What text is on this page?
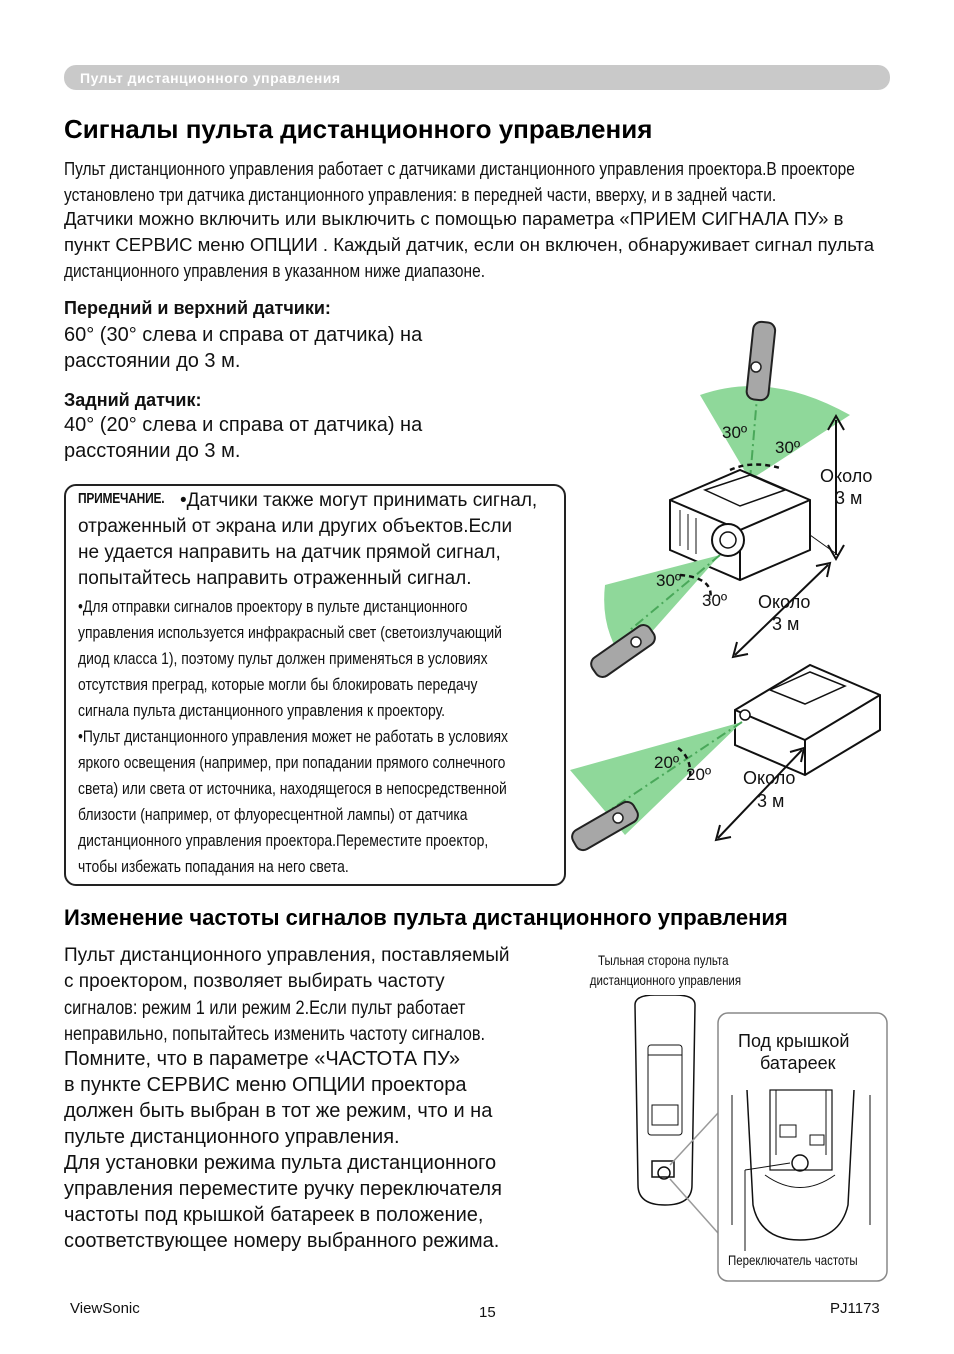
Пульт дистанционного управления
Сигналы пульта дистанционного управления
Пульт дистанционного управления работает с датчиками дистанционного управления проектора.В проекторе
установлено три датчика дистанционного управления: в передней части, вверху, и в задней части.
Датчики можно включить или выключить с помощью параметра «ПРИЕМ СИГНАЛА ПУ» в
пункт СЕРВИС меню ОПЦИИ . Каждый датчик, если он включен, обнаруживает сигнал пульта
дистанционного управления в указанном ниже диапазоне.
Передний и верхний датчики:
60° (30° слева и справа от датчика) на
расстоянии до 3 м.
Задний датчик:
40° (20° слева и справа от датчика) на
расстоянии до 3 м.
ПРИМЕЧАНИЕ. •Датчики также могут принимать сигнал,
отраженный от экрана или других объектов.Если
не удается направить на датчик прямой сигнал,
попытайтесь направить отраженный сигнал.
•Для отправки сигналов проектору в пульте дистанционного
управления используется инфракрасный свет (светоизлучающий
диод класса 1), поэтому пульт должен применяться в условиях
отсутствия преград, которые могли бы блокировать передачу
сигнала пульта дистанционного управления к проектору.
•Пульт дистанционного управления может не работать в условиях
яркого освещения (например, при попадании прямого солнечного
света) или света от источника, находящегося в непосредственной
близости (например, от флуоресцентной лампы) от датчика
дистанционного управления проектора.Переместите проектор,
чтобы избежать попадания на него света.
30º
30º
Около
3 м
30º
30º Около
3 м
20º
20º Около
3 м
Изменение частоты сигналов пульта дистанционного управления
Пульт дистанционного управления, поставляемый
с проектором, позволяет выбирать частоту
сигналов: режим 1 или режим 2.Если пульт работает
неправильно, попытайтесь изменить частоту сигналов.
Помните, что в параметре «ЧАСТОТА ПУ»
в пункте СЕРВИС меню ОПЦИИ проектора
должен быть выбран в тот же режим, что и на
пульте дистанционного управления.
Для установки режима пульта дистанционного
управления переместите ручку переключателя
частоты под крышкой батареек в положение,
соответствующее номеру выбранного режима.
Тыльная сторона пульта
дистанционного управления
Под крышкой
батареек
Переключатель частоты
ViewSonic	15	PJ1173
